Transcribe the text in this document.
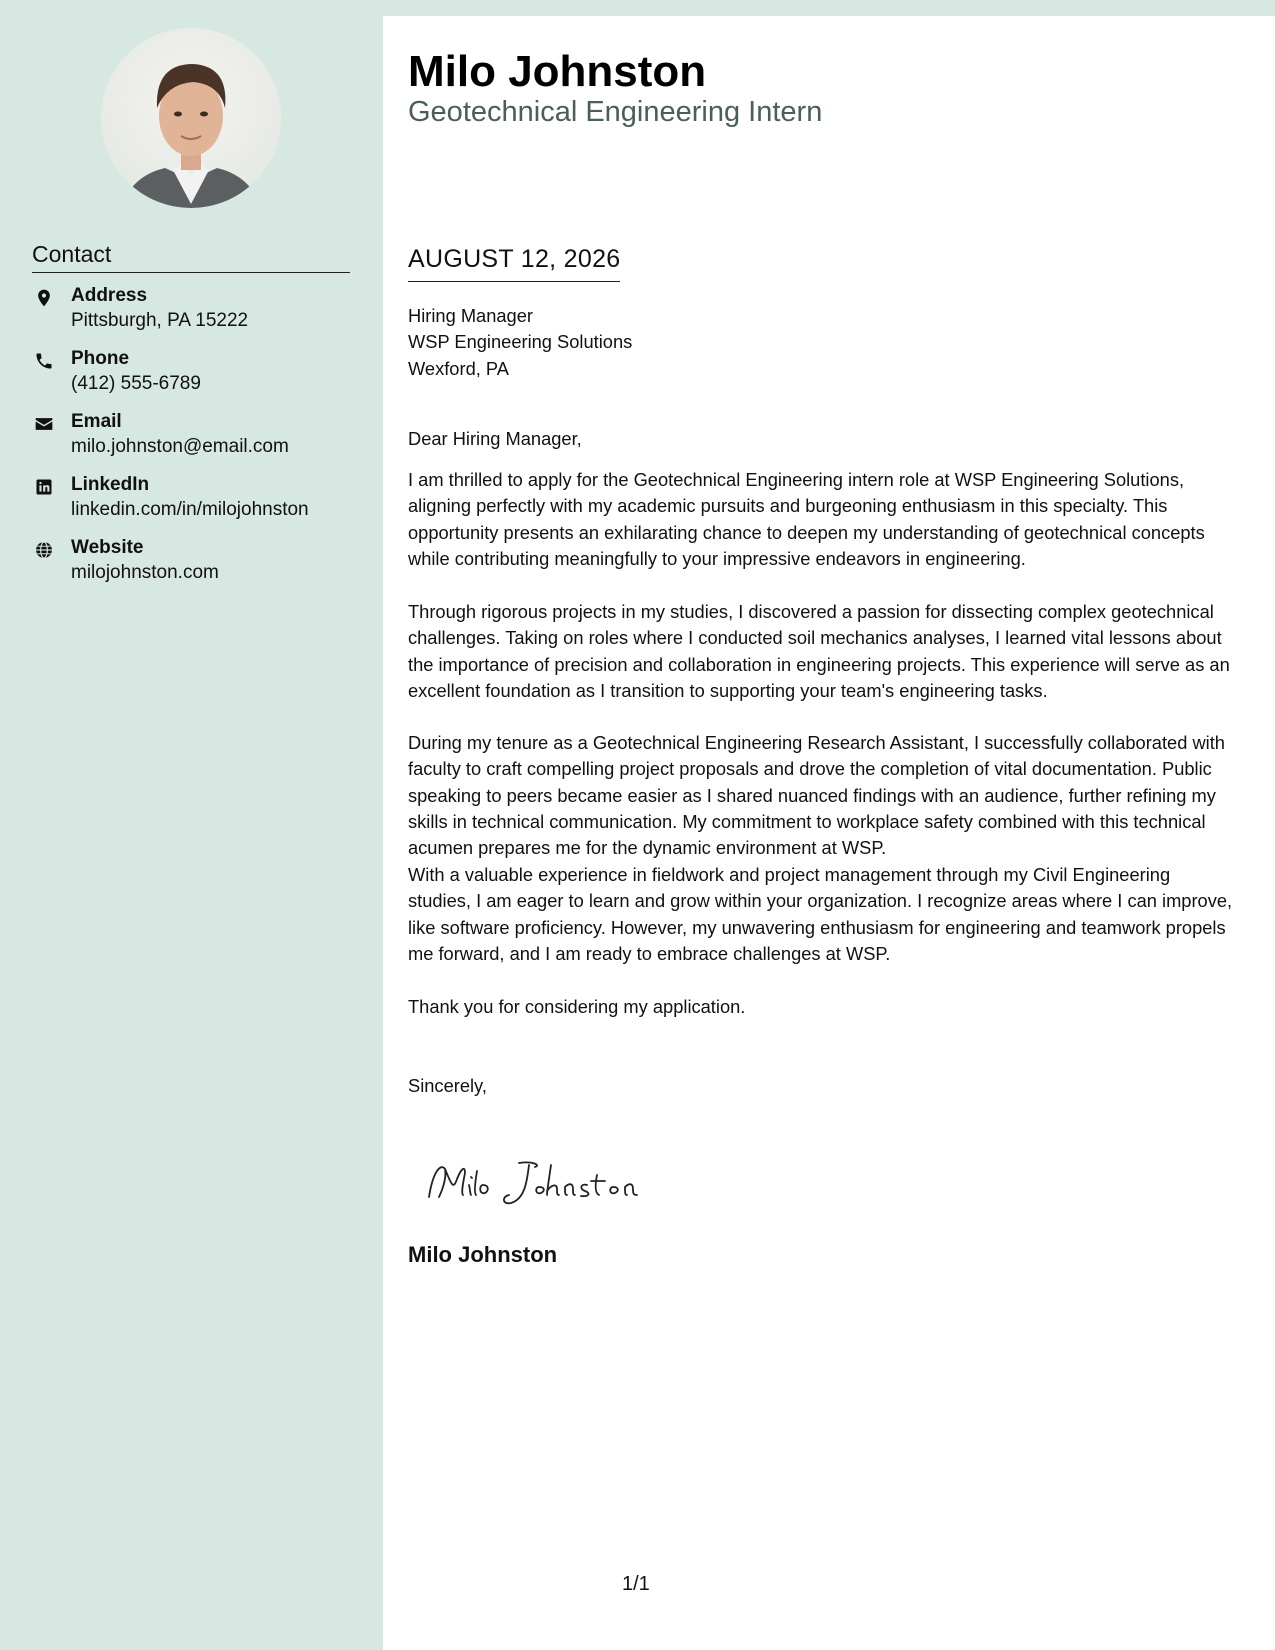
Contact
Address
Pittsburgh, PA 15222
Phone
(412) 555-6789
Email
milo.johnston@email.com
LinkedIn
linkedin.com/in/milojohnston
Website
milojohnston.com
Milo Johnston
Geotechnical Engineering Intern
AUGUST 12, 2026
Hiring Manager
WSP Engineering Solutions
Wexford, PA
Dear Hiring Manager,
I am thrilled to apply for the Geotechnical Engineering intern role at WSP Engineering Solutions, aligning perfectly with my academic pursuits and burgeoning enthusiasm in this specialty. This opportunity presents an exhilarating chance to deepen my understanding of geotechnical concepts while contributing meaningfully to your impressive endeavors in engineering.
Through rigorous projects in my studies, I discovered a passion for dissecting complex geotechnical challenges. Taking on roles where I conducted soil mechanics analyses, I learned vital lessons about the importance of precision and collaboration in engineering projects. This experience will serve as an excellent foundation as I transition to supporting your team's engineering tasks.
During my tenure as a Geotechnical Engineering Research Assistant, I successfully collaborated with faculty to craft compelling project proposals and drove the completion of vital documentation. Public speaking to peers became easier as I shared nuanced findings with an audience, further refining my skills in technical communication. My commitment to workplace safety combined with this technical acumen prepares me for the dynamic environment at WSP.
With a valuable experience in fieldwork and project management through my Civil Engineering studies, I am eager to learn and grow within your organization. I recognize areas where I can improve, like software proficiency. However, my unwavering enthusiasm for engineering and teamwork propels me forward, and I am ready to embrace challenges at WSP.
Thank you for considering my application.
Sincerely,
Milo Johnston
1/1
